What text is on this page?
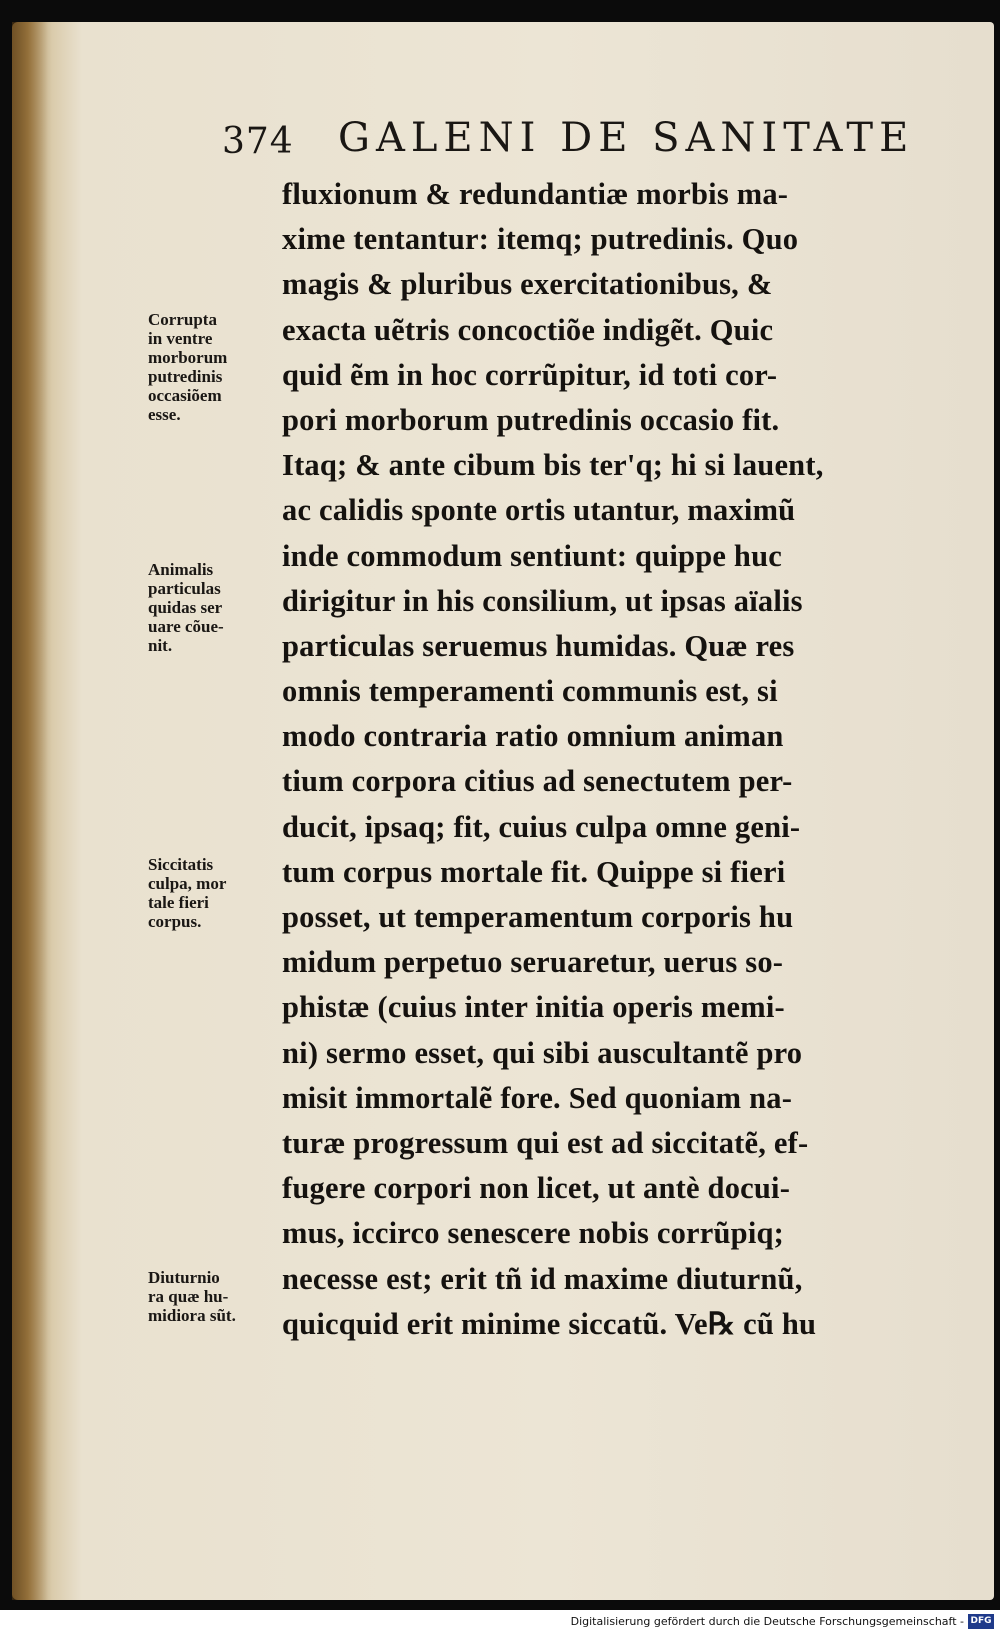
374 GALENI DE SANITATE
Corrupta
in ventre
morborum
putredinis
occasiõem
esse.
Animalis
particulas
quidas ser
uare cõue-
nit.
Siccitatis
culpa, mor
tale fieri
corpus.
Diuturnio
ra quæ hu-
midiora sũt.
fluxionum & redundantiæ morbis ma-
xime tentantur: itemq; putredinis. Quo
magis & pluribus exercitationibus, &
exacta uẽtris concoctiõe indigẽt. Quic
quid ẽm in hoc corrũpitur, id toti cor-
pori morborum putredinis occasio fit.
Itaq; & ante cibum bis ter'q; hi si lauent,
ac calidis sponte ortis utantur, maximũ
inde commodum sentiunt: quippe huc
dirigitur in his consilium, ut ipsas aïalis
particulas seruemus humidas. Quæ res
omnis temperamenti communis est, si
modo contraria ratio omnium animan
tium corpora citius ad senectutem per-
ducit, ipsaq; fit, cuius culpa omne geni-
tum corpus mortale fit. Quippe si fieri
posset, ut temperamentum corporis hu
midum perpetuo seruaretur, uerus so-
phistæ (cuius inter initia operis memi-
ni) sermo esset, qui sibi auscultantẽ pro
misit immortalẽ fore. Sed quoniam na-
turæ progressum qui est ad siccitatẽ, ef-
fugere corpori non licet, ut antè docui-
mus, iccirco senescere nobis corrũpiq;
necesse est; erit tñ id maxime diuturnũ,
quicquid erit minime siccatũ. Ve℞ cũ hu
Digitalisierung gefördert durch die Deutsche Forschungsgemeinschaft - DFG
